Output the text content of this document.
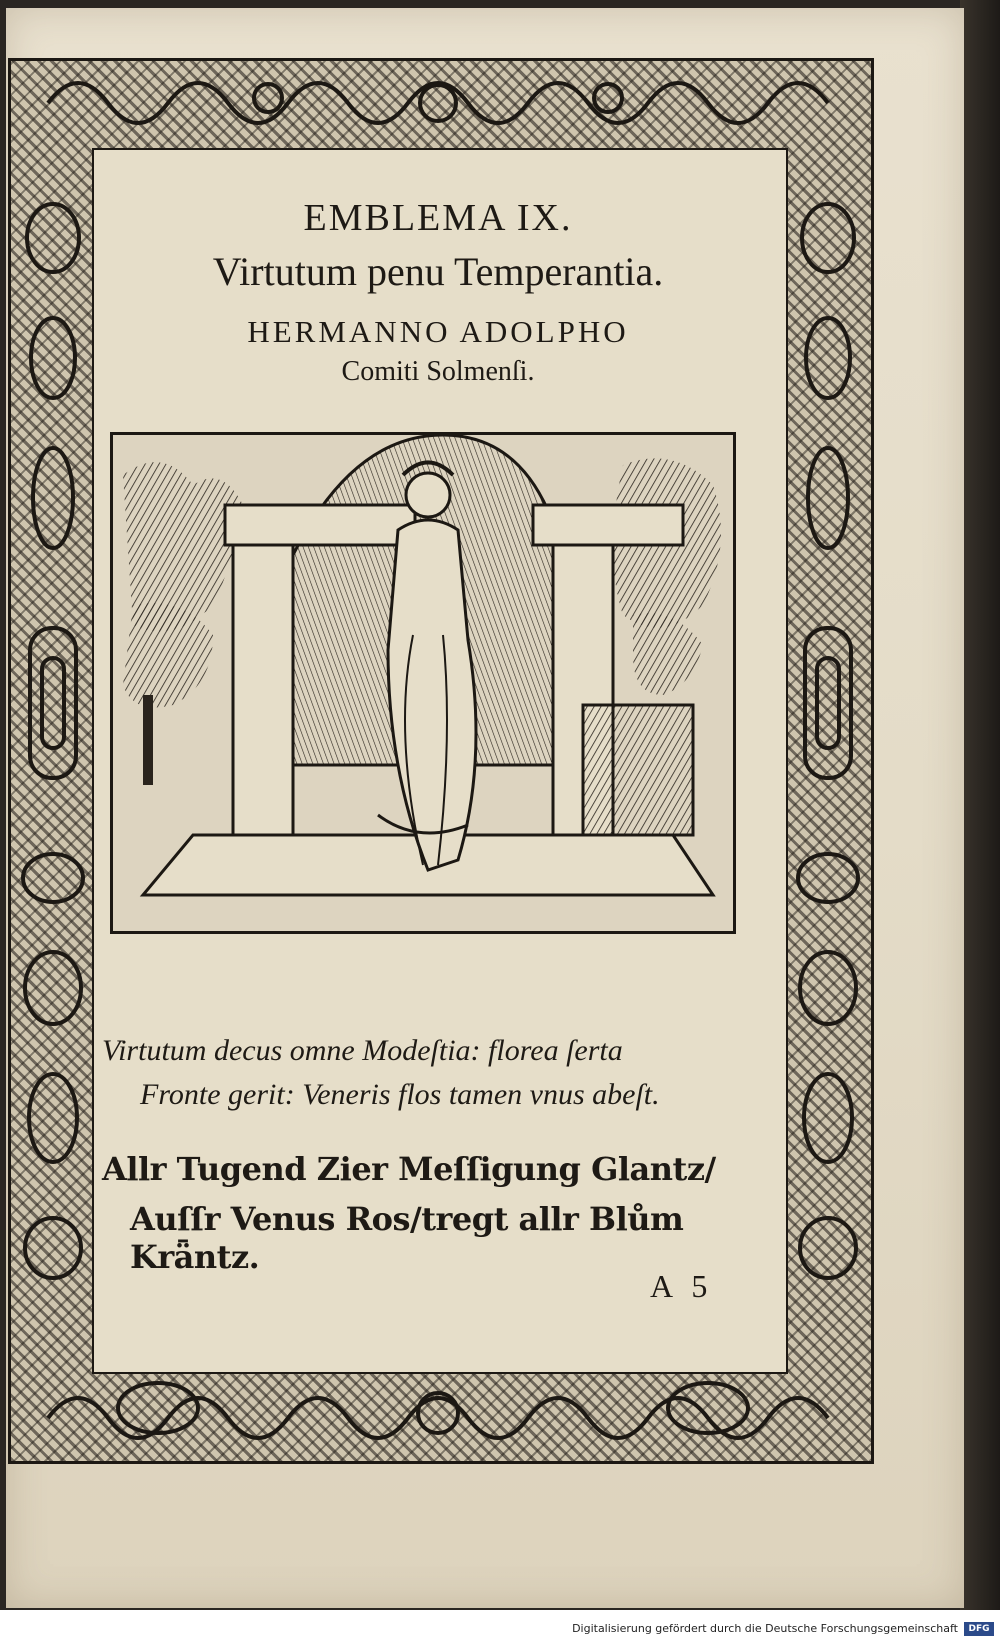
EMBLEMA IX.
Virtutum penu Temperantia.
HERMANNO ADOLPHO
Comiti Solmenſi.
Virtutum decus omne Modeſtia: florea ſerta
Fronte gerit: Veneris flos tamen vnus abeſt.
Allr Tugend Zier Meſſigung Glantz/
Auſſr Venus Ros/tregt allr Blům Krǟntz.
A 5
Digitalisierung gefördert durch die Deutsche Forschungsgemeinschaft	DFG
